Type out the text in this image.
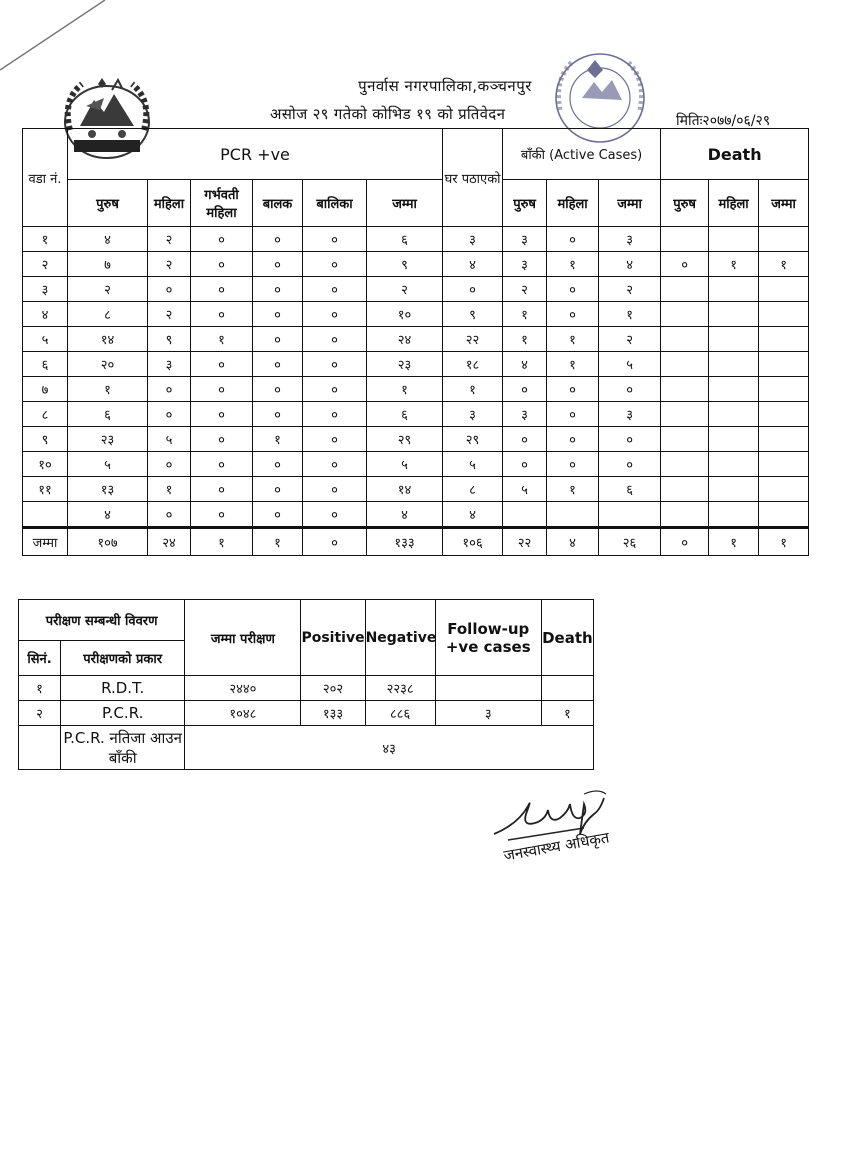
पुनर्वास नगरपालिका,कञ्चनपुर
असोज २९ गतेको कोभिड १९ को प्रतिवेदन	मितिः२०७७/०६/२९
वडा नं.	PCR +ve						घर पठाएको	बाँकी (Active Cases)			Death		
	पुरुष	महिला	गर्भवती महिला	बालक	बालिका	जम्मा		पुरुष	महिला	जम्मा	पुरुष	महिला	जम्मा
१	४	२	०	०	०	६	३	३	०	३			
२	७	२	०	०	०	९	४	३	१	४	०	१	१
३	२	०	०	०	०	२	०	२	०	२			
४	८	२	०	०	०	१०	९	१	०	१			
५	१४	९	१	०	०	२४	२२	१	१	२			
६	२०	३	०	०	०	२३	१८	४	१	५			
७	१	०	०	०	०	१	१	०	०	०			
८	६	०	०	०	०	६	३	३	०	३			
९	२३	५	०	१	०	२९	२९	०	०	०			
१०	५	०	०	०	०	५	५	०	०	०			
११	१३	१	०	०	०	१४	८	५	१	६			
	४	०	०	०	०	४	४						
जम्मा	१०७	२४	१	१	०	१३३	१०६	२२	४	२६	०	१	१
परीक्षण सम्बन्धी विवरण		जम्मा परीक्षण	Positive	Negative	Follow-up +ve cases	Death
सिनं.	परीक्षणको प्रकार					
१	R.D.T.	२४४०	२०२	२२३८		
२	P.C.R.	१०४८	१३३	८८६	३	१
	P.C.R. नतिजा आउन बाँकी	४३				
जनस्वास्थ्य अधिकृत
